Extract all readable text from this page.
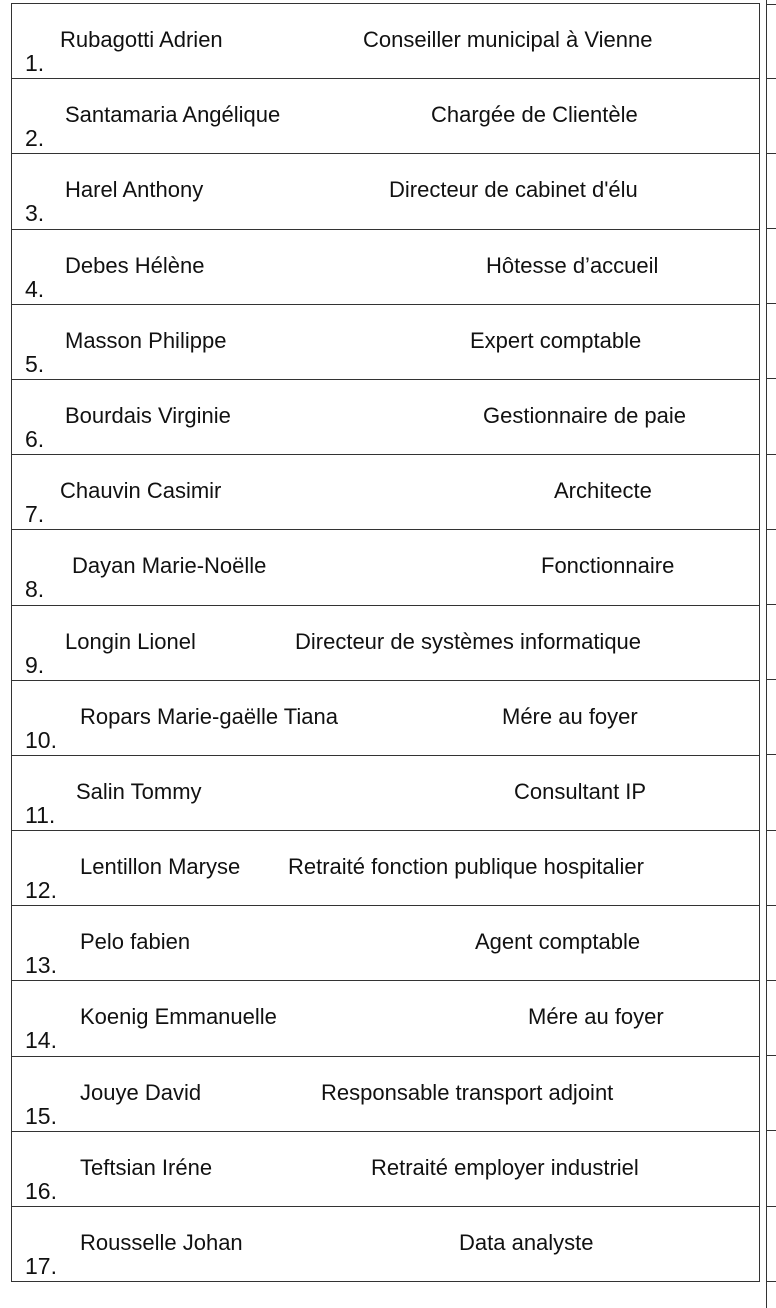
1.
Rubagotti Adrien	Conseiller municipal à Vienne
2.
Santamaria Angélique	Chargée de Clientèle
3.
Harel Anthony	Directeur de cabinet d'élu
4.
Debes Hélène	Hôtesse d’accueil
5.
Masson Philippe	Expert comptable
6.
Bourdais Virginie	Gestionnaire de paie
7.
Chauvin Casimir	Architecte
8.
Dayan Marie-Noëlle	Fonctionnaire
9.
Longin Lionel	Directeur de systèmes informatique
10.
Ropars Marie-gaëlle Tiana	Mére au foyer
11.
Salin Tommy	Consultant IP
12.
Lentillon Maryse Retraité fonction publique hospitalier
13.
Pelo fabien	Agent comptable
14.
Koenig Emmanuelle	Mére au foyer
15.
Jouye David	Responsable transport adjoint
16.
Teftsian Iréne	Retraité employer industriel
17.
Rousselle Johan	Data analyste
